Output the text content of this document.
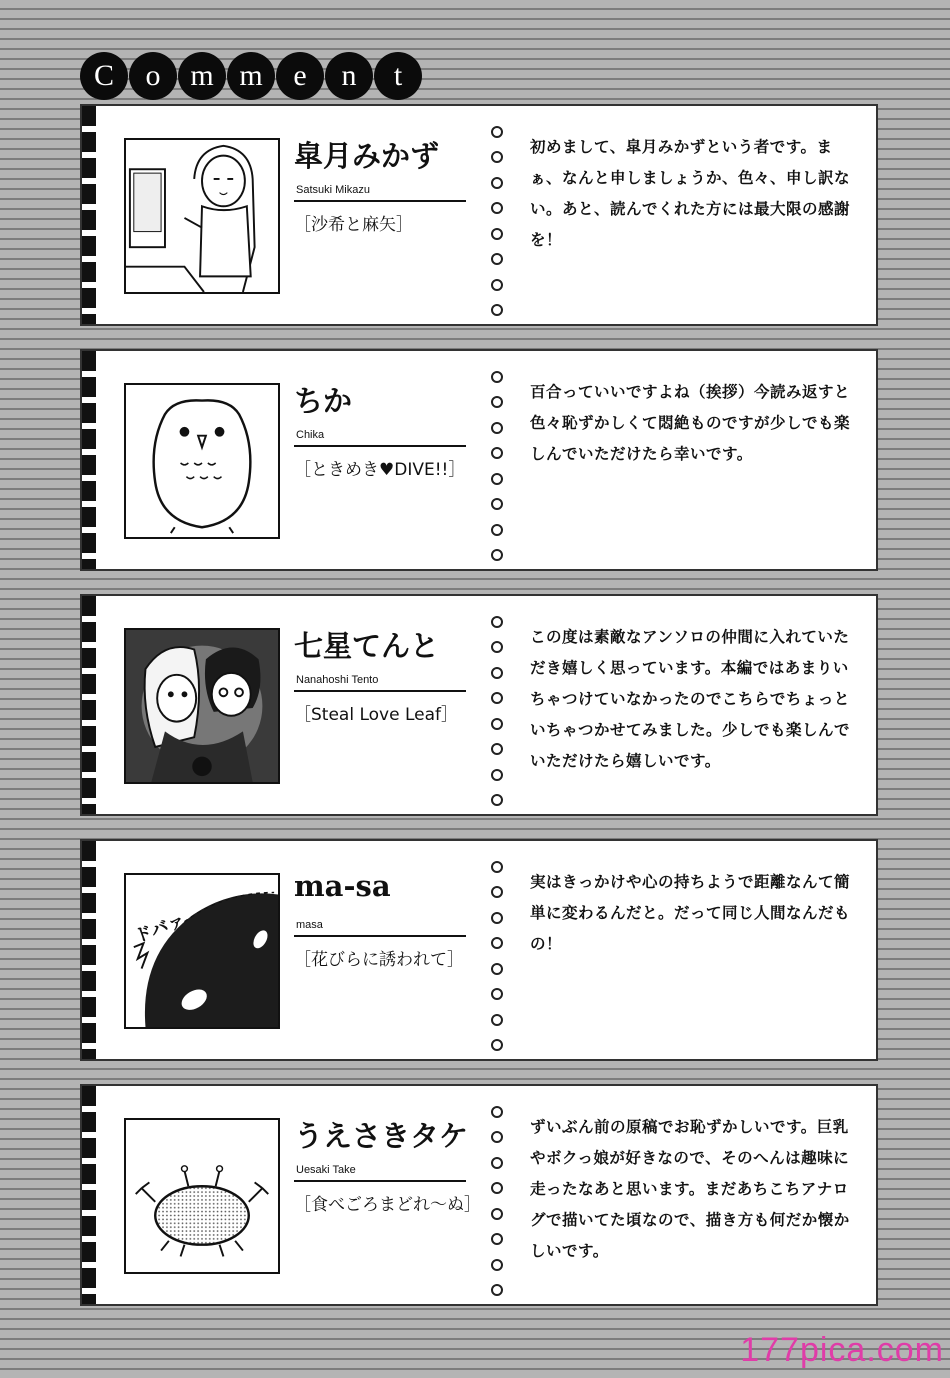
C	o m m	e	n	t
皐月みかず
Satsuki Mikazu
［沙希と麻矢］
初めまして、皐月みかずという者です。まぁ、なんと申しましょうか、色々、申し訳ない。あと、読んでくれた方には最大限の感謝を！
ちか
Chika
［ときめき♥DIVE!!］
百合っていいですよね（挨拶）今読み返すと色々恥ずかしくて悶絶ものですが少しでも楽しんでいただけたら幸いです。
七星てんと
Nanahoshi Tento
［Steal Love Leaf］
この度は素敵なアンソロの仲間に入れていただき嬉しく思っています。本編ではあまりいちゃつけていなかったのでこちらでちょっといちゃつかせてみました。少しでも楽しんでいただけたら嬉しいです。
ドバァ
ma-sa
masa
［花びらに誘われて］
実はきっかけや心の持ちようで距離なんて簡単に変わるんだと。だって同じ人間なんだもの！
うえさきタケ
Uesaki Take
［食べごろまどれ〜ぬ］
ずいぶん前の原稿でお恥ずかしいです。巨乳やボクっ娘が好きなので、そのへんは趣味に走ったなあと思います。まだあちこちアナログで描いてた頃なので、描き方も何だか懐かしいです。
177pica.com
